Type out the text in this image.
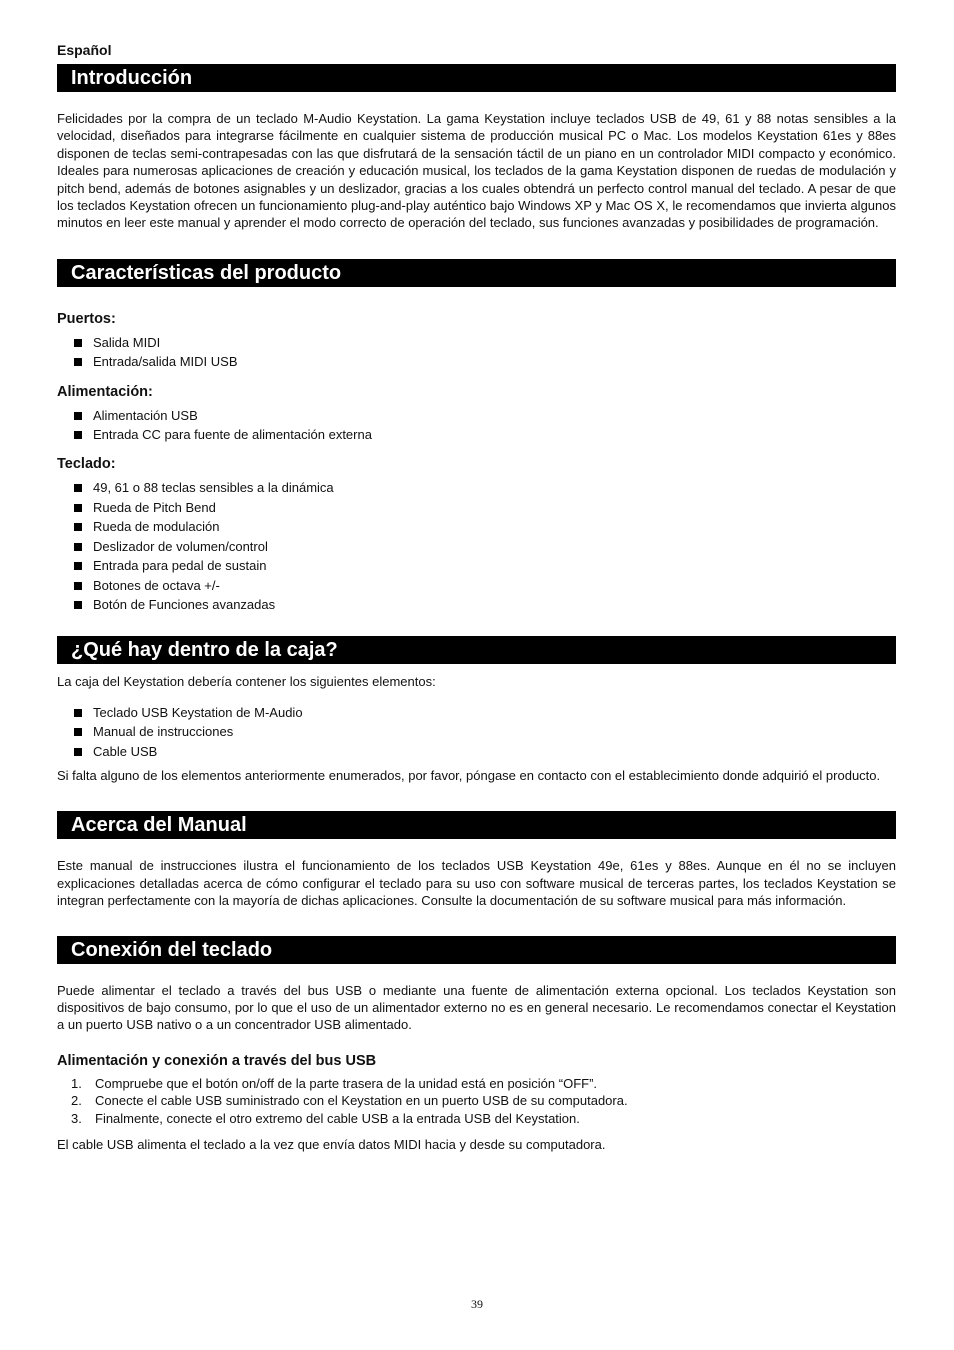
Español
Introducción

Felicidades por la compra de un teclado M-Audio Keystation. La gama Keystation incluye teclados USB de 49, 61 y 88 notas sensibles a la velocidad, diseñados para integrarse fácilmente en cualquier sistema de producción musical PC o Mac. Los modelos Keystation 61es y 88es disponen de teclas semi-contrapesadas con las que disfrutará de la sensación táctil de un piano en un controlador MIDI compacto y económico. Ideales para numerosas aplicaciones de creación y educación musical, los teclados de la gama Keystation disponen de ruedas de modulación y pitch bend, además de botones asignables y un deslizador, gracias a los cuales obtendrá un perfecto control manual del teclado. A pesar de que los teclados Keystation ofrecen un funcionamiento plug-and-play auténtico bajo Windows XP y Mac OS X, le recomendamos que invierta algunos minutos en leer este manual y aprender el modo correcto de operación del teclado, sus funciones avanzadas y posibilidades de programación.

Características del producto
Puertos:
Salida MIDI
Entrada/salida MIDI USB
Alimentación:
Alimentación USB
Entrada CC para fuente de alimentación externa
Teclado:
49, 61 o 88 teclas sensibles a la dinámica
Rueda de Pitch Bend
Rueda de modulación
Deslizador de volumen/control
Entrada para pedal de sustain
Botones de octava +/-
Botón de Funciones avanzadas
¿Qué hay dentro de la caja?

La caja del Keystation debería contener los siguientes elementos:

Teclado USB Keystation de M-Audio
Manual de instrucciones
Cable USB

Si falta alguno de los elementos anteriormente enumerados, por favor, póngase en contacto con el establecimiento donde adquirió el producto.

Acerca del Manual

Este manual de instrucciones ilustra el funcionamiento de los teclados USB Keystation 49e, 61es y 88es. Aunque en él no se incluyen explicaciones detalladas acerca de cómo configurar el teclado para su uso con software musical de terceras partes, los teclados Keystation se integran perfectamente con la mayoría de dichas aplicaciones. Consulte la documentación de su software musical para más información.

Conexión del teclado

Puede alimentar el teclado a través del bus USB o mediante una fuente de alimentación externa opcional. Los teclados Keystation son dispositivos de bajo consumo, por lo que el uso de un alimentador externo no es en general necesario. Le recomendamos conectar el Keystation a un puerto USB nativo o a un concentrador USB alimentado.

Alimentación y conexión a través del bus USB
1. Compruebe que el botón on/off de la parte trasera de la unidad está en posición “OFF”.
2. Conecte el cable USB suministrado con el Keystation en un puerto USB de su computadora.
3. Finalmente, conecte el otro extremo del cable USB a la entrada USB del Keystation.

El cable USB alimenta el teclado a la vez que envía datos MIDI hacia y desde su computadora.

39
